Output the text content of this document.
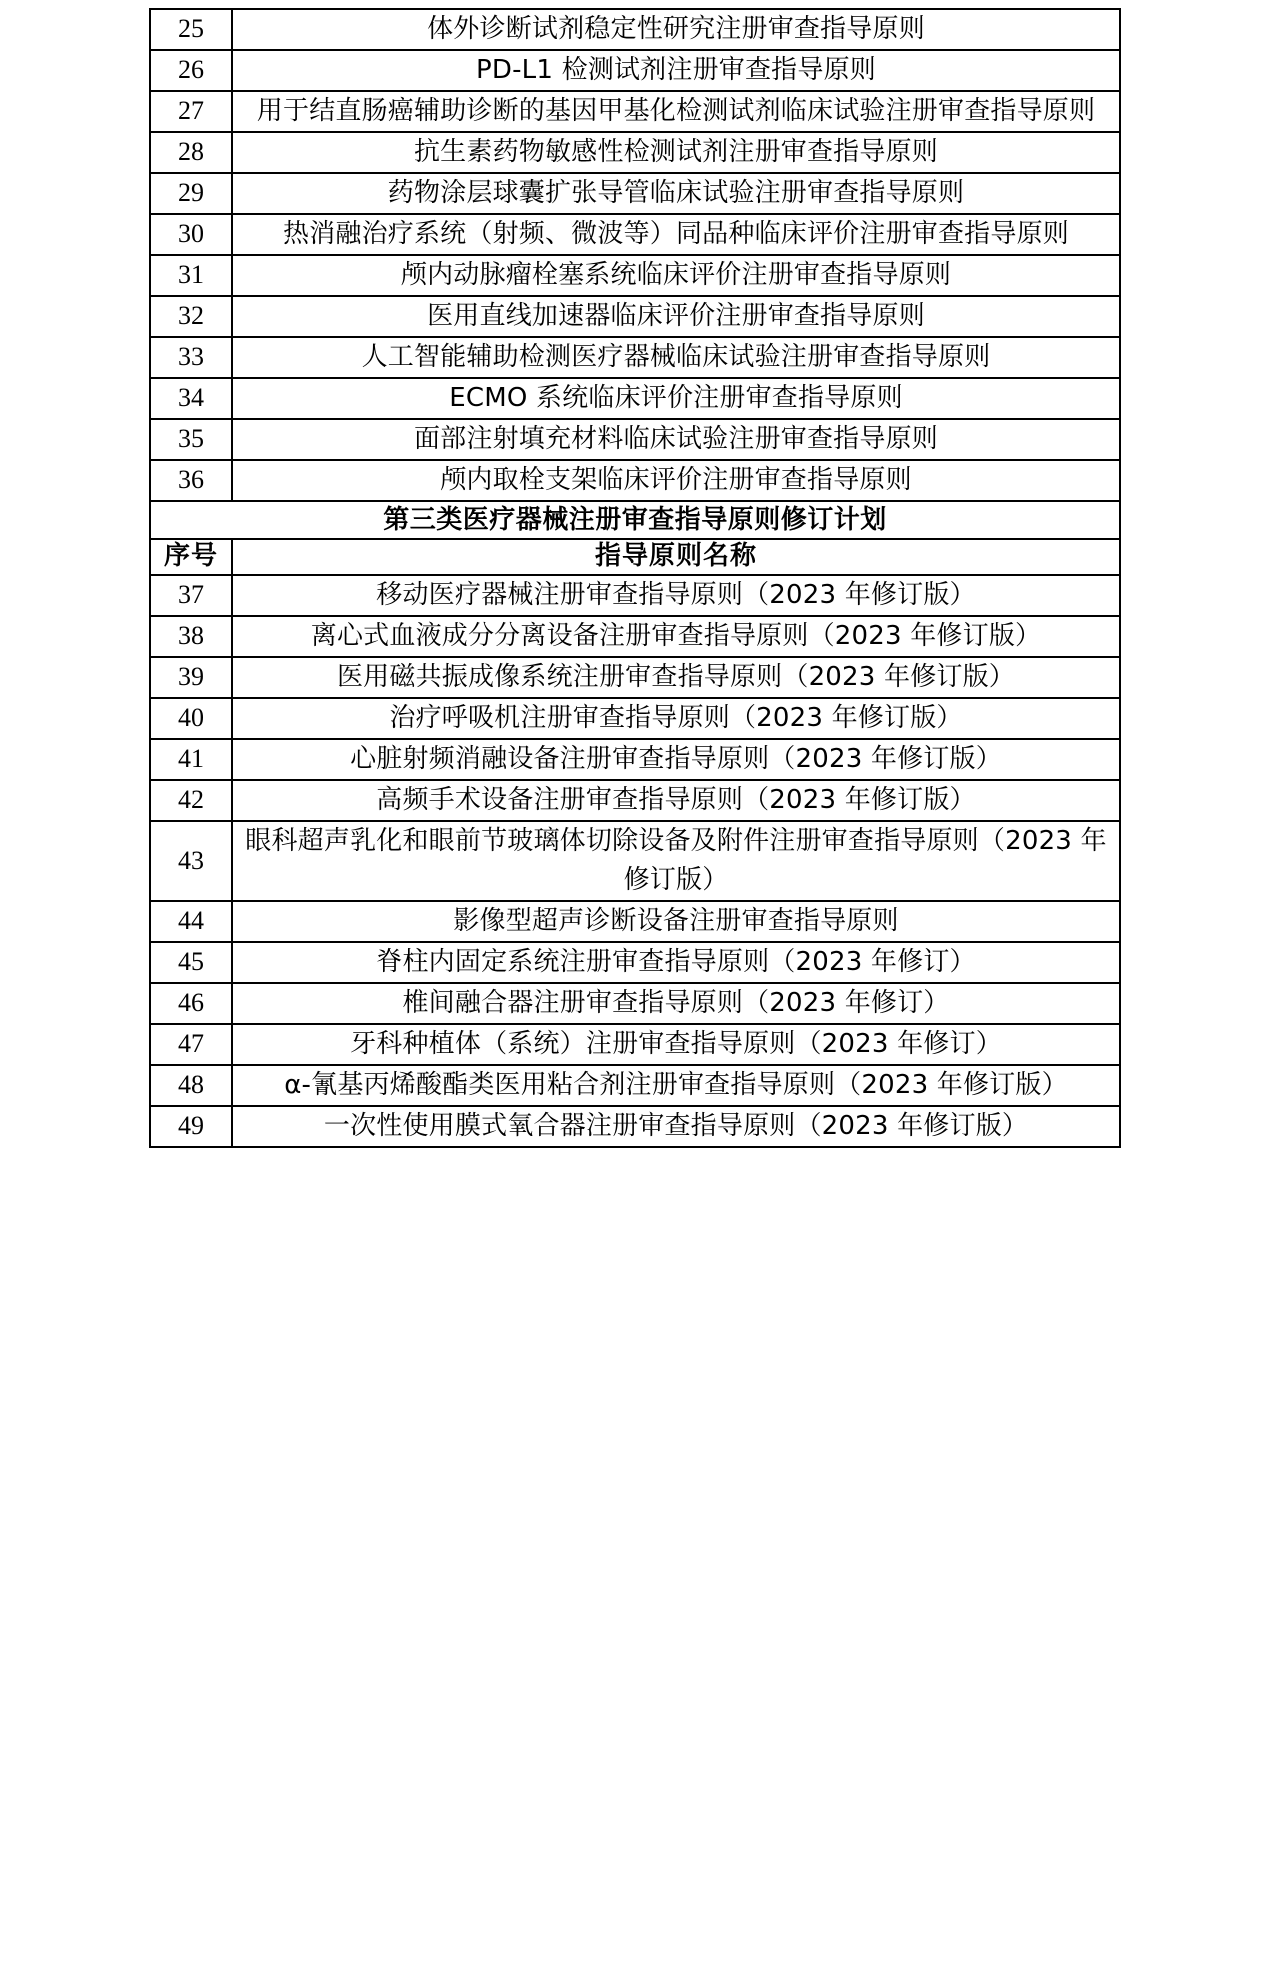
25	体外诊断试剂稳定性研究注册审查指导原则
26	PD-L1 检测试剂注册审查指导原则
27	用于结直肠癌辅助诊断的基因甲基化检测试剂临床试验注册审查指导原则
28	抗生素药物敏感性检测试剂注册审查指导原则
29	药物涂层球囊扩张导管临床试验注册审查指导原则
30	热消融治疗系统（射频、微波等）同品种临床评价注册审查指导原则
31	颅内动脉瘤栓塞系统临床评价注册审查指导原则
32	医用直线加速器临床评价注册审查指导原则
33	人工智能辅助检测医疗器械临床试验注册审查指导原则
34	ECMO 系统临床评价注册审查指导原则
35	面部注射填充材料临床试验注册审查指导原则
36	颅内取栓支架临床评价注册审查指导原则
第三类医疗器械注册审查指导原则修订计划	
序号	指导原则名称
37	移动医疗器械注册审查指导原则（2023 年修订版）
38	离心式血液成分分离设备注册审查指导原则（2023 年修订版）
39	医用磁共振成像系统注册审查指导原则（2023 年修订版）
40	治疗呼吸机注册审查指导原则（2023 年修订版）
41	心脏射频消融设备注册审查指导原则（2023 年修订版）
42	高频手术设备注册审查指导原则（2023 年修订版）
43	眼科超声乳化和眼前节玻璃体切除设备及附件注册审查指导原则（2023 年修订版）
44	影像型超声诊断设备注册审查指导原则
45	脊柱内固定系统注册审查指导原则（2023 年修订）
46	椎间融合器注册审查指导原则（2023 年修订）
47	牙科种植体（系统）注册审查指导原则（2023 年修订）
48	α-氰基丙烯酸酯类医用粘合剂注册审查指导原则（2023 年修订版）
49	一次性使用膜式氧合器注册审查指导原则（2023 年修订版）
